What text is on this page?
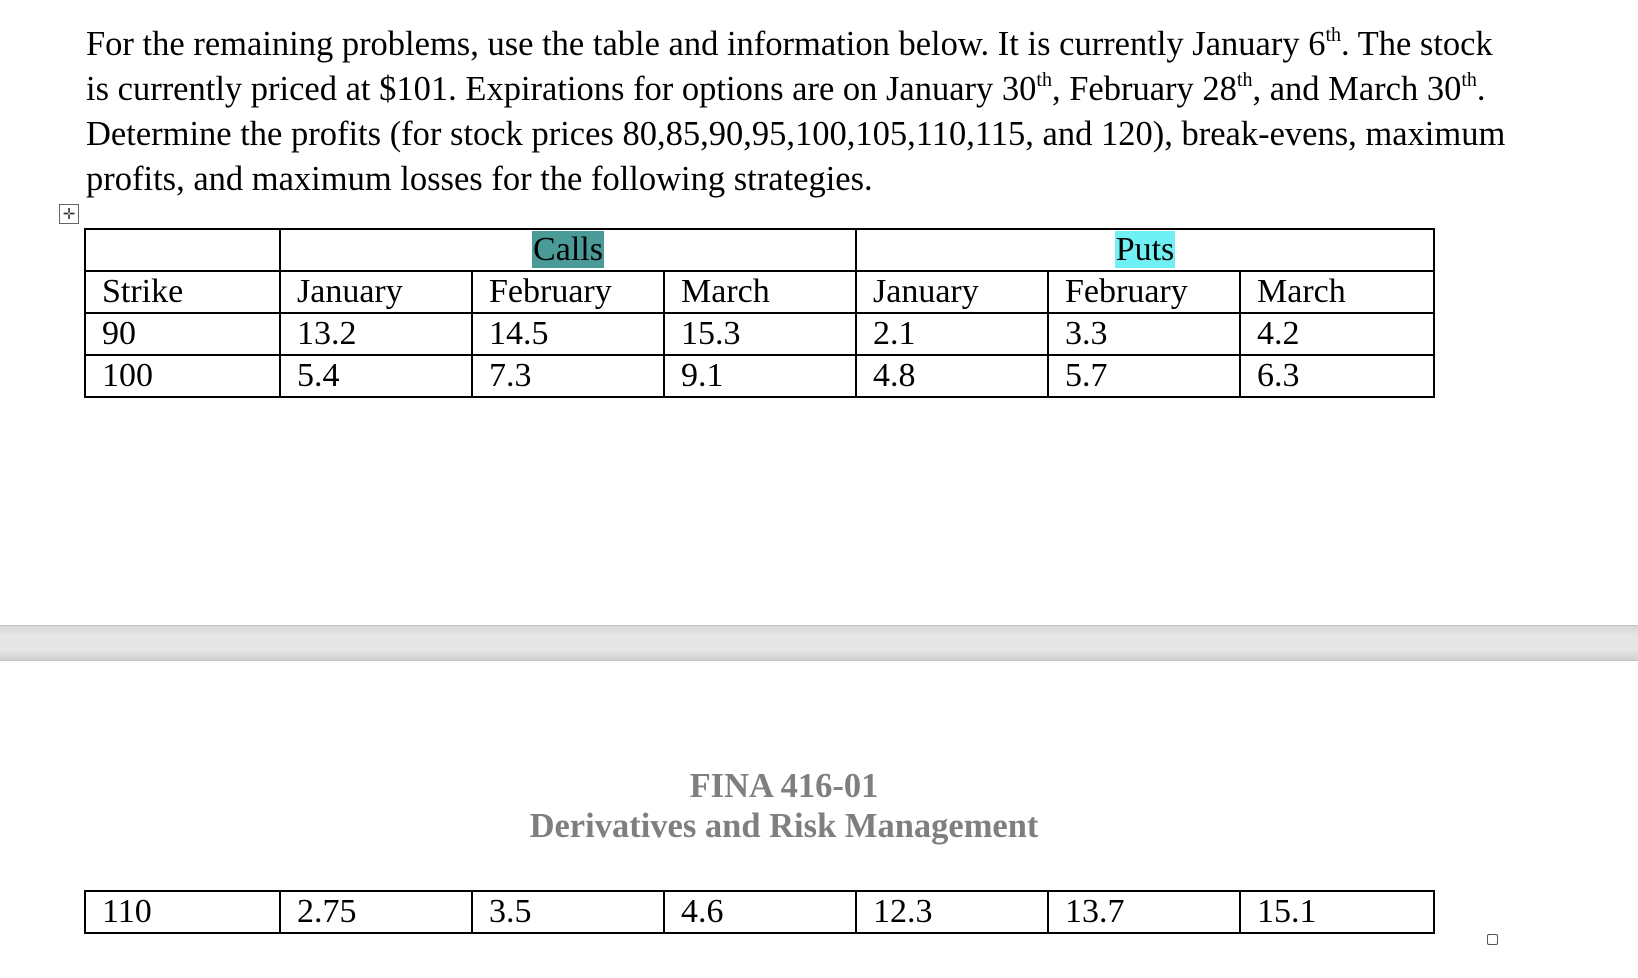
For the remaining problems, use the table and information below. It is currently January 6th. The stock is currently priced at $101. Expirations for options are on January 30th, February 28th, and March 30th. Determine the profits (for stock prices 80,85,90,95,100,105,110,115, and 120), break-evens, maximum profits, and maximum losses for the following strategies.

✛
	Calls			Puts		
Strike	January	February	March	January	February	March
90	13.2	14.5	15.3	2.1	3.3	4.2
100	5.4	7.3	9.1	4.8	5.7	6.3
FINA 416-01
Derivatives and Risk Management
110	2.75	3.5	4.6	12.3	13.7	15.1
